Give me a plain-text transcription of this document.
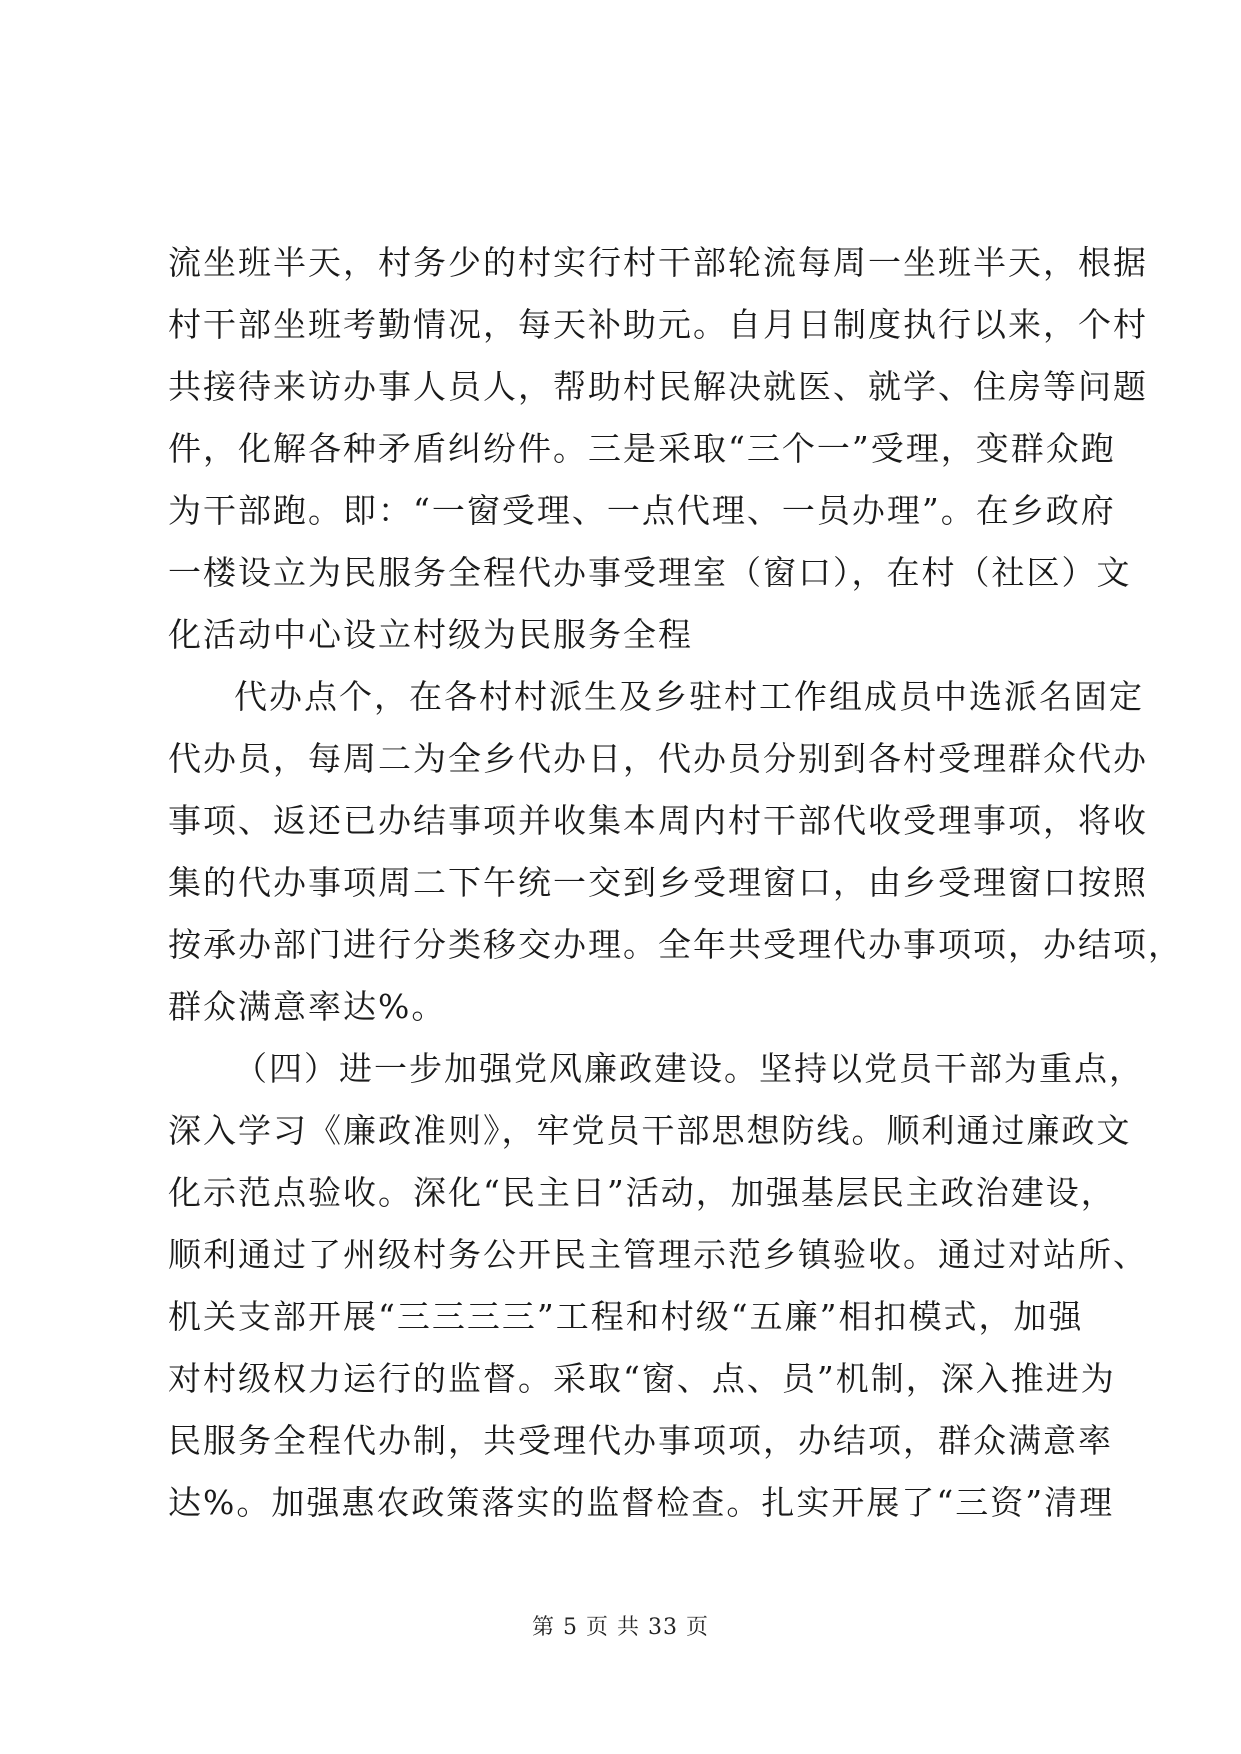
流坐班半天，村务少的村实行村干部轮流每周一坐班半天，根据
村干部坐班考勤情况，每天补助元。自月日制度执行以来，个村
共接待来访办事人员人，帮助村民解决就医、就学、住房等问题
件，化解各种矛盾纠纷件。三是采取“三个一”受理，变群众跑
为干部跑。即：“一窗受理、一点代理、一员办理”。在乡政府
一楼设立为民服务全程代办事受理室（窗口），在村（社区）文
化活动中心设立村级为民服务全程
代办点个，在各村村派生及乡驻村工作组成员中选派名固定
代办员，每周二为全乡代办日，代办员分别到各村受理群众代办
事项、返还已办结事项并收集本周内村干部代收受理事项，将收
集的代办事项周二下午统一交到乡受理窗口，由乡受理窗口按照
按承办部门进行分类移交办理。全年共受理代办事项项，办结项，
群众满意率达%。
（四）进一步加强党风廉政建设。坚持以党员干部为重点，
深入学习《廉政准则》，牢党员干部思想防线。顺利通过廉政文
化示范点验收。深化“民主日”活动，加强基层民主政治建设，
顺利通过了州级村务公开民主管理示范乡镇验收。通过对站所、
机关支部开展“三三三三”工程和村级“五廉”相扣模式，加强
对村级权力运行的监督。采取“窗、点、员”机制，深入推进为
民服务全程代办制，共受理代办事项项，办结项，群众满意率
达%。加强惠农政策落实的监督检查。扎实开展了“三资”清理
第 5 页 共 33 页
